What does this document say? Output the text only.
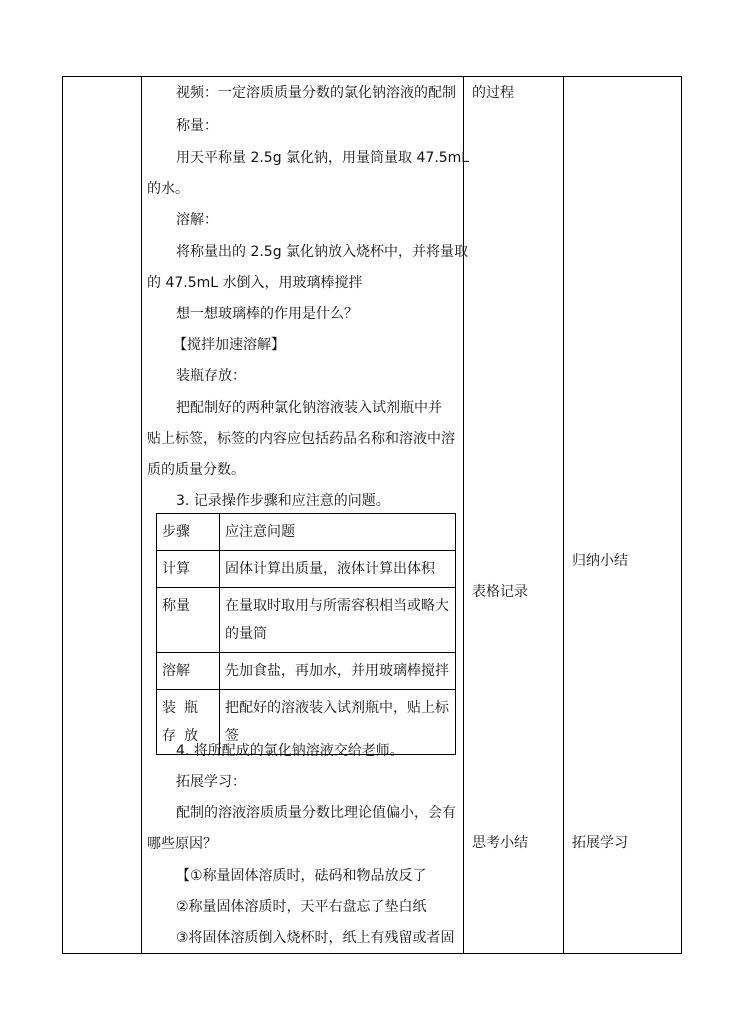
视频：一定溶质质量分数的氯化钠溶液的配制
称量：
用天平称量 2.5g 氯化钠，用量筒量取 47.5mL
的水。
溶解：
将称量出的 2.5g 氯化钠放入烧杯中，并将量取
的 47.5mL 水倒入，用玻璃棒搅拌
想一想玻璃棒的作用是什么？
【搅拌加速溶解】
装瓶存放：
把配制好的两种氯化钠溶液装入试剂瓶中并
贴上标签，标签的内容应包括药品名称和溶液中溶
质的质量分数。
3. 记录操作步骤和应注意的问题。
步骤	应注意问题
计算	固体计算出质量，液体计算出体积
称量	在量取时取用与所需容积相当或略大的量筒
溶解	先加食盐，再加水，并用玻璃棒搅拌
装瓶存放	把配好的溶液装入试剂瓶中，贴上标签
4. 将所配成的氯化钠溶液交给老师。
拓展学习：
配制的溶液溶质质量分数比理论值偏小，会有
哪些原因？
【①称量固体溶质时，砝码和物品放反了
②称量固体溶质时，天平右盘忘了垫白纸
③将固体溶质倒入烧杯时，纸上有残留或者固
的过程
表格记录
思考小结
归纳小结
拓展学习
